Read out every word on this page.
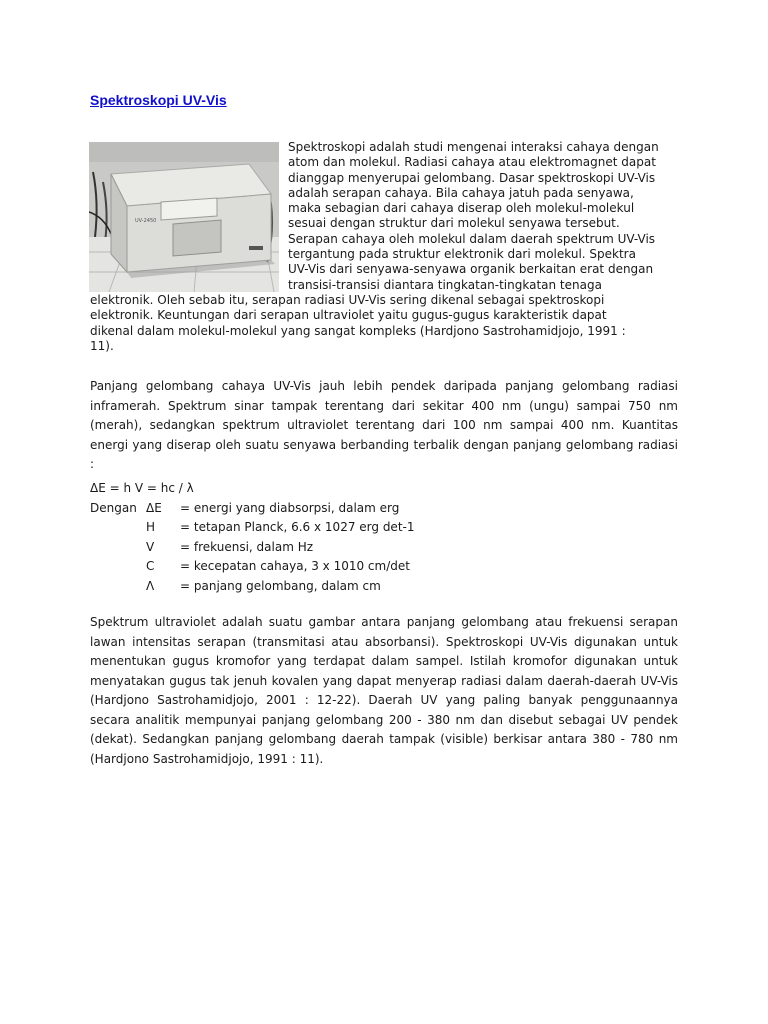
Spektroskopi UV-Vis
UV-2450
Spektroskopi adalah studi mengenai interaksi cahaya dengan
atom dan molekul. Radiasi cahaya atau elektromagnet dapat
dianggap menyerupai gelombang. Dasar spektroskopi UV-Vis
adalah serapan cahaya. Bila cahaya jatuh pada senyawa,
maka sebagian dari cahaya diserap oleh molekul-molekul
sesuai dengan struktur dari molekul senyawa tersebut.
Serapan cahaya oleh molekul dalam daerah spektrum UV-Vis
tergantung pada struktur elektronik dari molekul. Spektra
UV-Vis dari senyawa-senyawa organik berkaitan erat dengan
transisi-transisi diantara tingkatan-tingkatan tenaga
elektronik. Oleh sebab itu, serapan radiasi UV-Vis sering dikenal sebagai spektroskopi
elektronik. Keuntungan dari serapan ultraviolet yaitu gugus-gugus karakteristik dapat
dikenal dalam molekul-molekul yang sangat kompleks (Hardjono Sastrohamidjojo, 1991 :
11).
Panjang gelombang cahaya UV-Vis jauh lebih pendek daripada panjang gelombang radiasi inframerah. Spektrum sinar tampak terentang dari sekitar 400 nm (ungu) sampai 750 nm (merah), sedangkan spektrum ultraviolet terentang dari 100 nm sampai 400 nm. Kuantitas energi yang diserap oleh suatu senyawa berbanding terbalik dengan panjang gelombang radiasi :
ΔE = h V = hc / λ
Dengan	ΔE	= energi yang diabsorpsi, dalam erg
	H	= tetapan Planck, 6.6 x 1027 erg det-1
	V	= frekuensi, dalam Hz
	C	= kecepatan cahaya, 3 x 1010 cm/det
	Λ	= panjang gelombang, dalam cm
Spektrum ultraviolet adalah suatu gambar antara panjang gelombang atau frekuensi serapan lawan intensitas serapan (transmitasi atau absorbansi). Spektroskopi UV-Vis digunakan untuk menentukan gugus kromofor yang terdapat dalam sampel. Istilah kromofor digunakan untuk menyatakan gugus tak jenuh kovalen yang dapat menyerap radiasi dalam daerah-daerah UV-Vis (Hardjono Sastrohamidjojo, 2001 : 12-22). Daerah UV yang paling banyak penggunaannya secara analitik mempunyai panjang gelombang 200 - 380 nm dan disebut sebagai UV pendek (dekat). Sedangkan panjang gelombang daerah tampak (visible) berkisar antara 380 - 780 nm (Hardjono Sastrohamidjojo, 1991 : 11).
